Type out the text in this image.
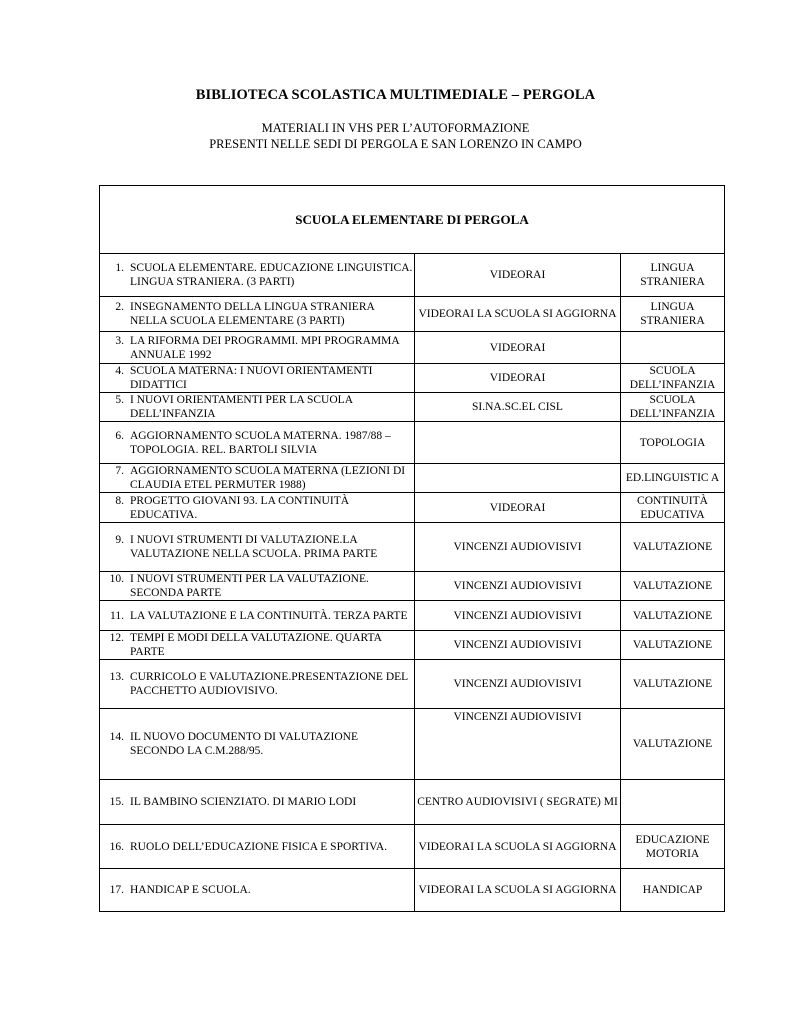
BIBLIOTECA SCOLASTICA MULTIMEDIALE – PERGOLA
MATERIALI IN VHS PER L’AUTOFORMAZIONE
PRESENTI NELLE SEDI DI PERGOLA E SAN LORENZO IN CAMPO
SCUOLA ELEMENTARE DI PERGOLA		

1. SCUOLA ELEMENTARE. EDUCAZIONE LINGUISTICA. LINGUA STRANIERA. (3 PARTI)	VIDEORAI	LINGUA STRANIERA

2. INSEGNAMENTO DELLA LINGUA STRANIERA NELLA SCUOLA ELEMENTARE (3 PARTI)	VIDEORAI LA SCUOLA SI AGGIORNA	LINGUA STRANIERA

3. LA RIFORMA DEI PROGRAMMI. MPI PROGRAMMA ANNUALE 1992	VIDEORAI	

4. SCUOLA MATERNA: I NUOVI ORIENTAMENTI DIDATTICI	VIDEORAI	SCUOLA DELL’INFANZIA

5. I NUOVI ORIENTAMENTI PER LA SCUOLA DELL’INFANZIA	SI.NA.SC.EL CISL	SCUOLA DELL’INFANZIA

6. AGGIORNAMENTO SCUOLA MATERNA. 1987/88 – TOPOLOGIA. REL. BARTOLI SILVIA		TOPOLOGIA

7. AGGIORNAMENTO SCUOLA MATERNA (LEZIONI DI CLAUDIA ETEL PERMUTER 1988)		ED.LINGUISTIC A

8. PROGETTO GIOVANI 93. LA CONTINUITÀ EDUCATIVA.	VIDEORAI	CONTINUITÀ EDUCATIVA

9. I NUOVI STRUMENTI DI VALUTAZIONE.LA VALUTAZIONE NELLA SCUOLA. PRIMA PARTE	VINCENZI AUDIOVISIVI	VALUTAZIONE

10. I NUOVI STRUMENTI PER LA VALUTAZIONE. SECONDA PARTE	VINCENZI AUDIOVISIVI	VALUTAZIONE

11. LA VALUTAZIONE E LA CONTINUITÀ. TERZA PARTE	VINCENZI AUDIOVISIVI	VALUTAZIONE

12. TEMPI E MODI DELLA VALUTAZIONE. QUARTA PARTE	VINCENZI AUDIOVISIVI	VALUTAZIONE

13. CURRICOLO E VALUTAZIONE.PRESENTAZIONE DEL PACCHETTO AUDIOVISIVO.	VINCENZI AUDIOVISIVI	VALUTAZIONE

14. IL NUOVO DOCUMENTO DI VALUTAZIONE SECONDO LA C.M.288/95.	VINCENZI AUDIOVISIVI	VALUTAZIONE

15. IL BAMBINO SCIENZIATO. DI MARIO LODI	CENTRO AUDIOVISIVI ( SEGRATE) MI	

16. RUOLO DELL’EDUCAZIONE FISICA E SPORTIVA.	VIDEORAI LA SCUOLA SI AGGIORNA	EDUCAZIONE MOTORIA

17. HANDICAP E SCUOLA.	VIDEORAI LA SCUOLA SI AGGIORNA	HANDICAP
